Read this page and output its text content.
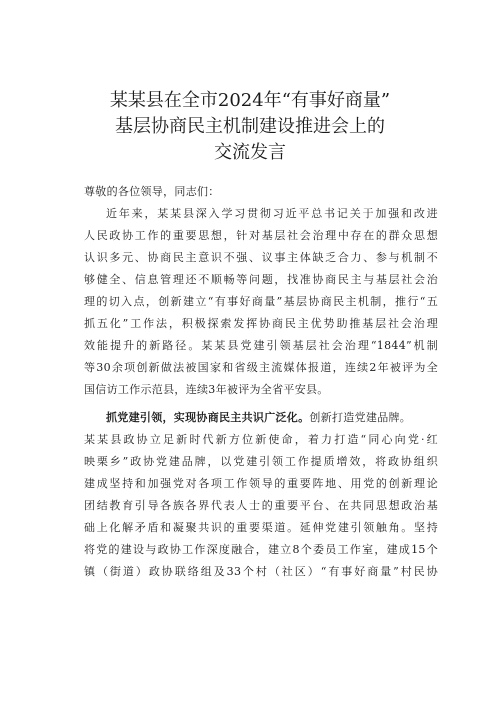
某某县在全市2024年“有事好商量”
基层协商民主机制建设推进会上的
交流发言
尊敬的各位领导，同志们：
近年来，某某县深入学习贯彻习近平总书记关于加强和改进
人民政协工作的重要思想，针对基层社会治理中存在的群众思想
认识多元、协商民主意识不强、议事主体缺乏合力、参与机制不
够健全、信息管理还不顺畅等问题，找准协商民主与基层社会治
理的切入点，创新建立“有事好商量”基层协商民主机制，推行“五
抓五化”工作法，积极探索发挥协商民主优势助推基层社会治理
效能提升的新路径。某某县党建引领基层社会治理“1844”机制
等30余项创新做法被国家和省级主流媒体报道，连续2年被评为全
国信访工作示范县，连续3年被评为全省平安县。
抓党建引领，实现协商民主共识广泛化。创新打造党建品牌。
某某县政协立足新时代新方位新使命，着力打造“同心向党·红
映栗乡”政协党建品牌，以党建引领工作提质增效，将政协组织
建成坚持和加强党对各项工作领导的重要阵地、用党的创新理论
团结教育引导各族各界代表人士的重要平台、在共同思想政治基
础上化解矛盾和凝聚共识的重要渠道。延伸党建引领触角。坚持
将党的建设与政协工作深度融合，建立8个委员工作室，建成15个
镇（街道）政协联络组及33个村（社区）“有事好商量”村民协
